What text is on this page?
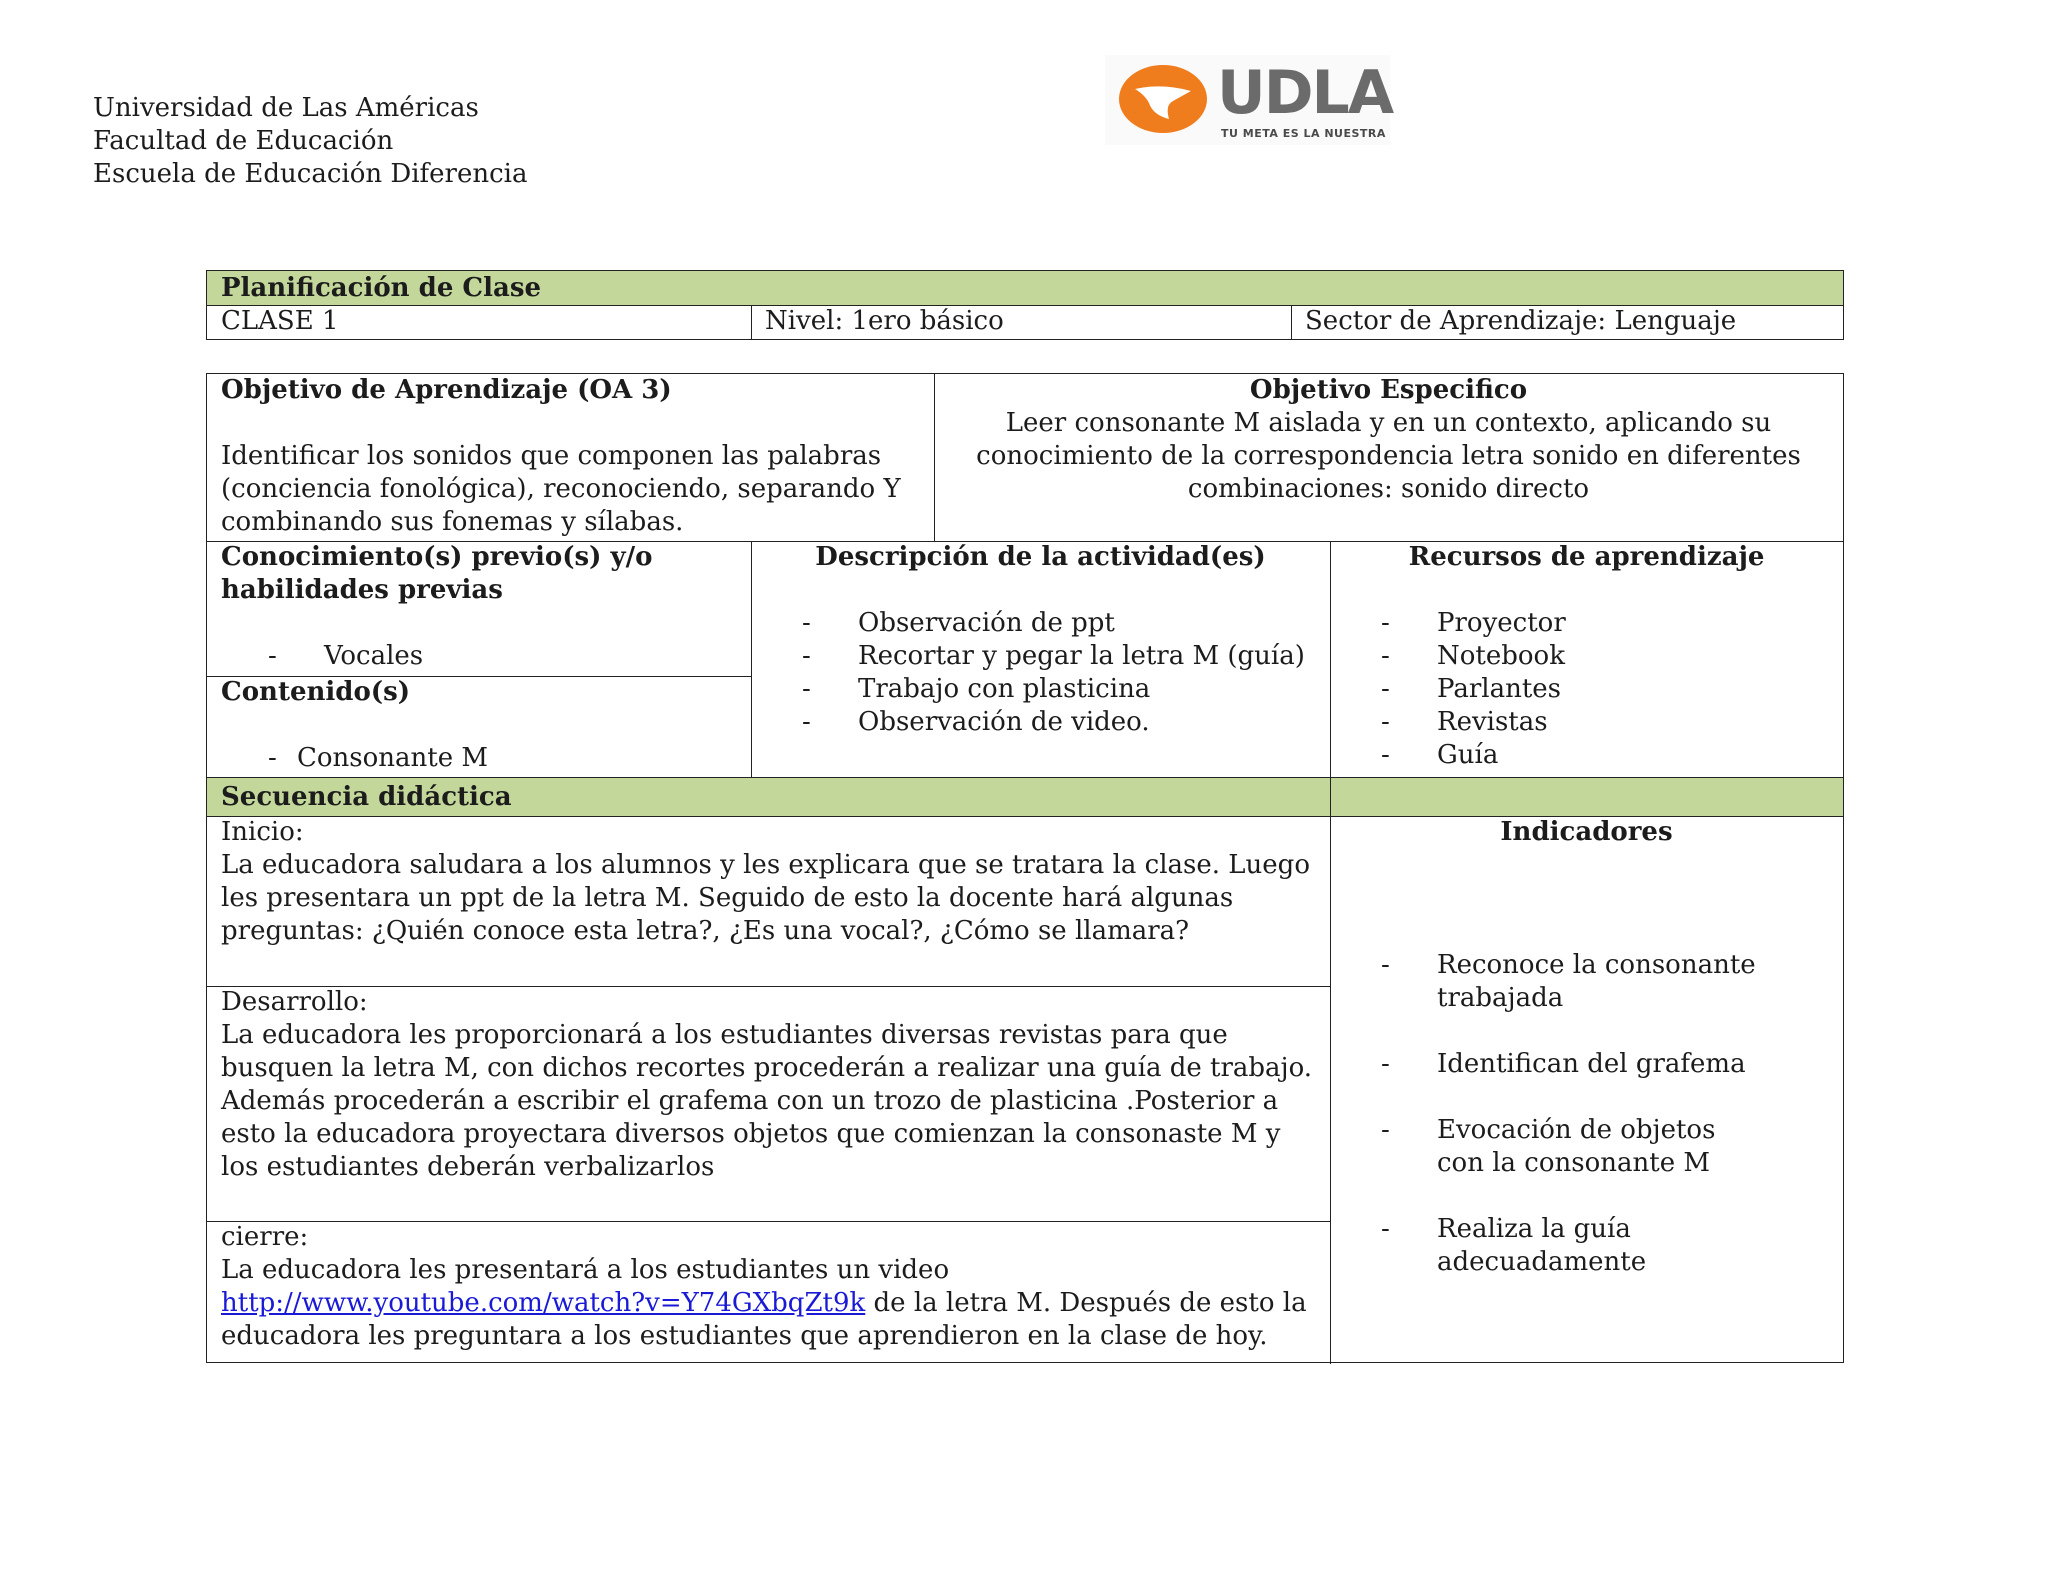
Universidad de Las Américas
Facultad de Educación
Escuela de Educación Diferencia
UDLA
TU META ES LA NUESTRA
Planificación de Clase
CLASE 1	Nivel: 1ero básico	Sector de Aprendizaje: Lenguaje
Objetivo de Aprendizaje (OA 3)
Identificar los sonidos que componen las palabras (conciencia fonológica), reconociendo, separando Y combinando sus fonemas y sílabas.
Objetivo Especifico
Leer consonante M aislada y en un contexto, aplicando su conocimiento de la correspondencia letra sonido en diferentes combinaciones: sonido directo
Conocimiento(s) previo(s) y/o habilidades previas
- Vocales
Contenido(s)
- Consonante M
Descripción de la actividad(es)
- Observación de ppt
- Recortar y pegar la letra M (guía)
- Trabajo con plasticina
- Observación de video.
Recursos de aprendizaje
- Proyector
- Notebook
- Parlantes
- Revistas
- Guía
Secuencia didáctica
Inicio:
La educadora saludara a los alumnos y les explicara que se tratara la clase. Luego les presentara un ppt de la letra M. Seguido de esto la docente hará algunas preguntas: ¿Quién conoce esta letra?, ¿Es una vocal?, ¿Cómo se llamara?
Desarrollo:
La educadora les proporcionará a los estudiantes diversas revistas para que busquen la letra M, con dichos recortes procederán a realizar una guía de trabajo. Además procederán a escribir el grafema con un trozo de plasticina .Posterior a esto la educadora proyectara diversos objetos que comienzan la consonaste M y los estudiantes deberán verbalizarlos
cierre:
La educadora les presentará a los estudiantes un video
http://www.youtube.com/watch?v=Y74GXbqZt9k de la letra M. Después de esto la educadora les preguntara a los estudiantes que aprendieron en la clase de hoy.
Indicadores
- Reconoce la consonante trabajada
- Identifican del grafema
- Evocación de objetos con la consonante M
- Realiza la guía adecuadamente
